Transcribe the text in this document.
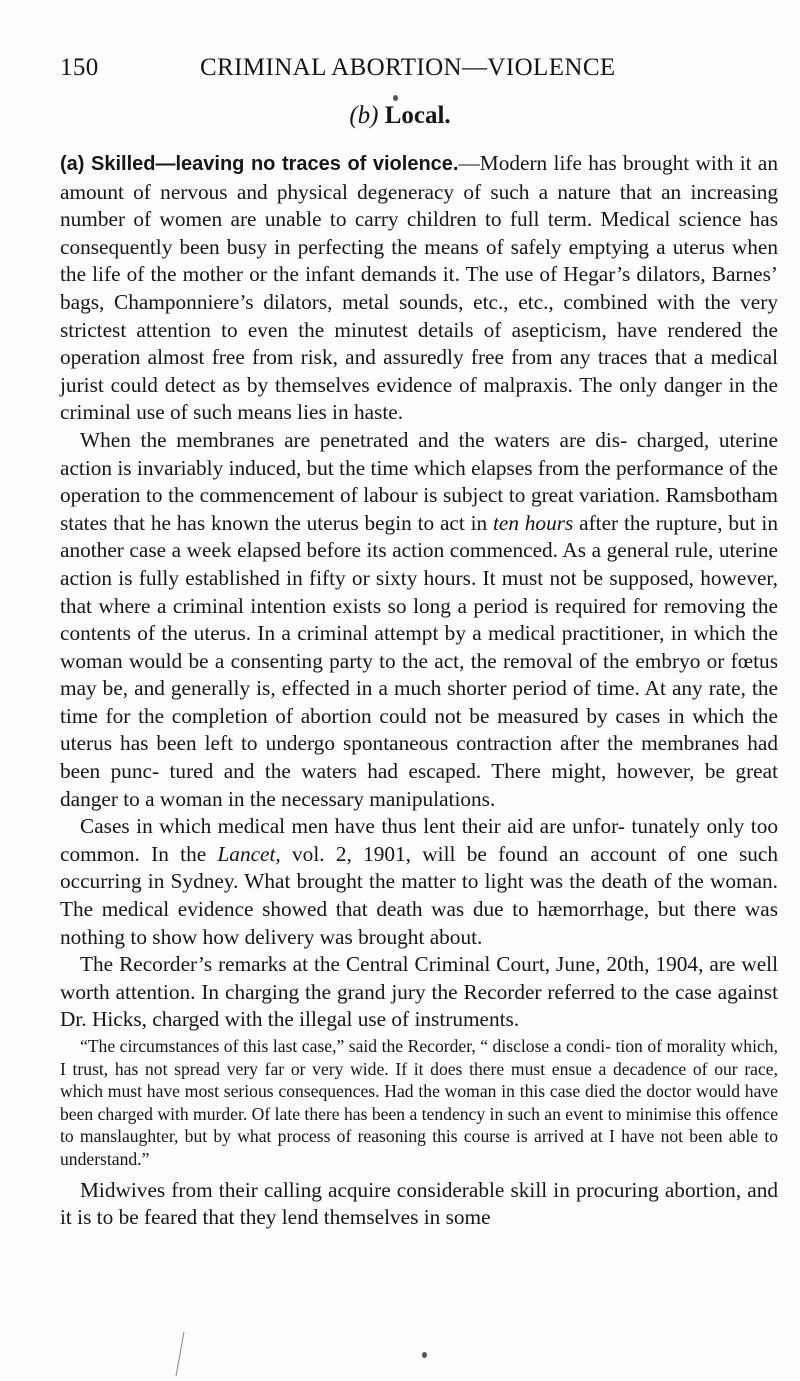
150	CRIMINAL ABORTION—VIOLENCE
(b) Local.

(a) Skilled—leaving no traces of violence.—Modern life has brought with it an amount of nervous and physical degeneracy of such a nature that an increasing number of women are unable to carry children to full term. Medical science has consequently been busy in perfecting the means of safely emptying a uterus when the life of the mother or the infant demands it. The use of Hegar’s dilators, Barnes’ bags, Champonniere’s dilators, metal sounds, etc., etc., combined with the very strictest attention to even the minutest details of asepticism, have rendered the operation almost free from risk, and assuredly free from any traces that a medical jurist could detect as by themselves evidence of malpraxis. The only danger in the criminal use of such means lies in haste.

When the membranes are penetrated and the waters are dis- charged, uterine action is invariably induced, but the time which elapses from the performance of the operation to the commencement of labour is subject to great variation. Ramsbotham states that he has known the uterus begin to act in ten hours after the rupture, but in another case a week elapsed before its action commenced. As a general rule, uterine action is fully established in fifty or sixty hours. It must not be supposed, however, that where a criminal intention exists so long a period is required for removing the contents of the uterus. In a criminal attempt by a medical practitioner, in which the woman would be a consenting party to the act, the removal of the embryo or fœtus may be, and generally is, effected in a much shorter period of time. At any rate, the time for the completion of abortion could not be measured by cases in which the uterus has been left to undergo spontaneous contraction after the membranes had been punc- tured and the waters had escaped. There might, however, be great danger to a woman in the necessary manipulations.

Cases in which medical men have thus lent their aid are unfor- tunately only too common. In the Lancet, vol. 2, 1901, will be found an account of one such occurring in Sydney. What brought the matter to light was the death of the woman. The medical evidence showed that death was due to hæmorrhage, but there was nothing to show how delivery was brought about.

The Recorder’s remarks at the Central Criminal Court, June, 20th, 1904, are well worth attention. In charging the grand jury the Recorder referred to the case against Dr. Hicks, charged with the illegal use of instruments.

“The circumstances of this last case,” said the Recorder, “ disclose a condi- tion of morality which, I trust, has not spread very far or very wide. If it does there must ensue a decadence of our race, which must have most serious consequences. Had the woman in this case died the doctor would have been charged with murder. Of late there has been a tendency in such an event to minimise this offence to manslaughter, but by what process of reasoning this course is arrived at I have not been able to understand.”

Midwives from their calling acquire considerable skill in procuring abortion, and it is to be feared that they lend themselves in some
